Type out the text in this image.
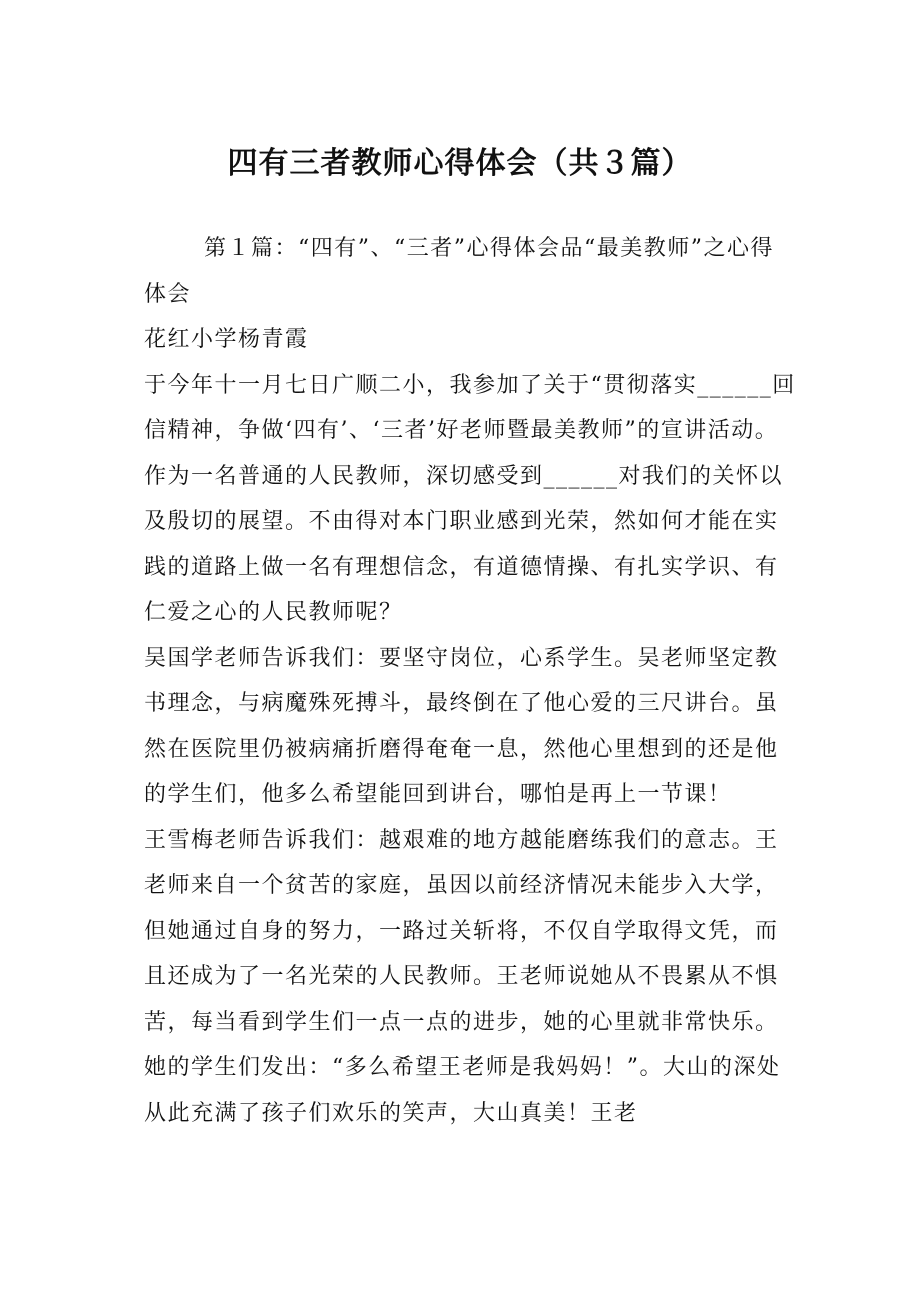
四有三者教师心得体会（共３篇）

第１篇：“四有”、“三者”心得体会品“最美教师”之心得体会

花红小学杨青霞

于今年十一月七日广顺二小，我参加了关于“贯彻落实______回信精神，争做‘四有’、‘三者’好老师暨最美教师”的宣讲活动。作为一名普通的人民教师，深切感受到______对我们的关怀以及殷切的展望。不由得对本门职业感到光荣，然如何才能在实践的道路上做一名有理想信念，有道德情操、有扎实学识、有仁爱之心的人民教师呢？

吴国学老师告诉我们：要坚守岗位，心系学生。吴老师坚定教书理念，与病魔殊死搏斗，最终倒在了他心爱的三尺讲台。虽然在医院里仍被病痛折磨得奄奄一息，然他心里想到的还是他的学生们，他多么希望能回到讲台，哪怕是再上一节课！

王雪梅老师告诉我们：越艰难的地方越能磨练我们的意志。王老师来自一个贫苦的家庭，虽因以前经济情况未能步入大学，但她通过自身的努力，一路过关斩将，不仅自学取得文凭，而且还成为了一名光荣的人民教师。王老师说她从不畏累从不惧苦，每当看到学生们一点一点的进步，她的心里就非常快乐。她的学生们发出：“多么希望王老师是我妈妈！”。大山的深处从此充满了孩子们欢乐的笑声，大山真美！王老
